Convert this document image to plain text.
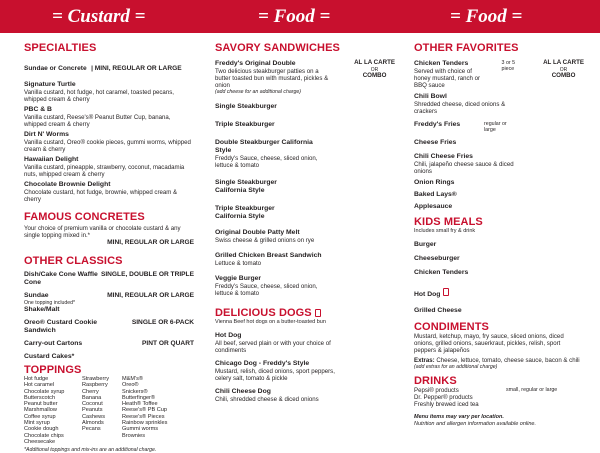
= Custard =	= Food =	= Food =
SPECIALTIES
Sundae or Concrete | MINI, REGULAR OR LARGE
Signature Turtle
Vanilla custard, hot fudge, hot caramel, toasted pecans, whipped cream & cherry
PBC & B
Vanilla custard, Reese's® Peanut Butter Cup, banana, whipped cream & cherry
Dirt N' Worms
Vanilla custard, Oreo® cookie pieces, gummi worms, whipped cream & cherry
Hawaiian Delight
Vanilla custard, pineapple, strawberry, coconut, macadamia nuts, whipped cream & cherry
Chocolate Brownie Delight
Chocolate custard, hot fudge, brownie, whipped cream & cherry
FAMOUS CONCRETES
Your choice of premium vanilla or chocolate custard & any single topping mixed in.*
MINI, REGULAR OR LARGE
OTHER CLASSICS
Dish/Cake Cone Waffle Cone
SINGLE, DOUBLE OR TRIPLE
Sundae
One topping included*
Shake/Malt
MINI, REGULAR OR LARGE
Oreo® Custard Cookie Sandwich
SINGLE OR 6-PACK
Carry-out Cartons	PINT OR QUART
Custard Cakes*
TOPPINGS
Hot fudge
Hot caramel
Chocolate syrup
Butterscotch
Peanut butter
Marshmallow
Coffee syrup
Mint syrup
Cookie dough
Chocolate chips
Cheesecake
Strawberry
Raspberry
Cherry
Banana
Coconut
Peanuts
Cashews
Almonds
Pecans
M&M's®
Oreo®
Snickers®
Butterfinger®
Heath® Toffee
Reese's® PB Cup
Reese's® Pieces
Rainbow sprinkles
Gummi worms
Brownies
*Additional toppings and mix-ins are an additional charge.
SAVORY SANDWICHES
Freddy's Original Double
Two delicious steakburger patties on a butter toasted bun with mustard, pickles & onion
(add cheese for an additional charge)
AL LA CARTE
OR
COMBO
Single Steakburger
Triple Steakburger
Double Steakburger California Style
Freddy's Sauce, cheese, sliced onion, lettuce & tomato
Single Steakburger California Style
Triple Steakburger California Style
Original Double Patty Melt
Swiss cheese & grilled onions on rye
Grilled Chicken Breast Sandwich
Lettuce & tomato
Veggie Burger
Freddy's Sauce, cheese, sliced onion, lettuce & tomato
DELICIOUS DOGS
Vienna Beef hot dogs on a butter-toasted bun
Hot Dog
All beef, served plain or with your choice of condiments
Chicago Dog - Freddy's Style
Mustard, relish, diced onions, sport peppers, celery salt, tomato & pickle
Chili Cheese Dog
Chili, shredded cheese & diced onions
OTHER FAVORITES
Chicken Tenders
Served with choice of honey mustard, ranch or BBQ sauce
3 or 5 piece
AL LA CARTE
OR
COMBO
Chili Bowl
Shredded cheese, diced onions & crackers
Freddy's Fries	regular or large
Cheese Fries
Chili Cheese Fries
Chili, jalapeño cheese sauce & diced onions
Onion Rings
Baked Lays®
Applesauce
KIDS MEALS
Includes small fry & drink
Burger
Cheeseburger
Chicken Tenders
Hot Dog
Grilled Cheese
CONDIMENTS
Mustard, ketchup, mayo, fry sauce, sliced onions, diced onions, grilled onions, sauerkraut, pickles, relish, sport peppers & jalapeños
Extras: Cheese, lettuce, tomato, cheese sauce, bacon & chili
(add extras for an additional charge)
DRINKS
Pepsi® products	small, regular or large
Dr. Pepper® products
Freshly brewed iced tea
Menu items may vary per location.
Nutrition and allergen information available online.
